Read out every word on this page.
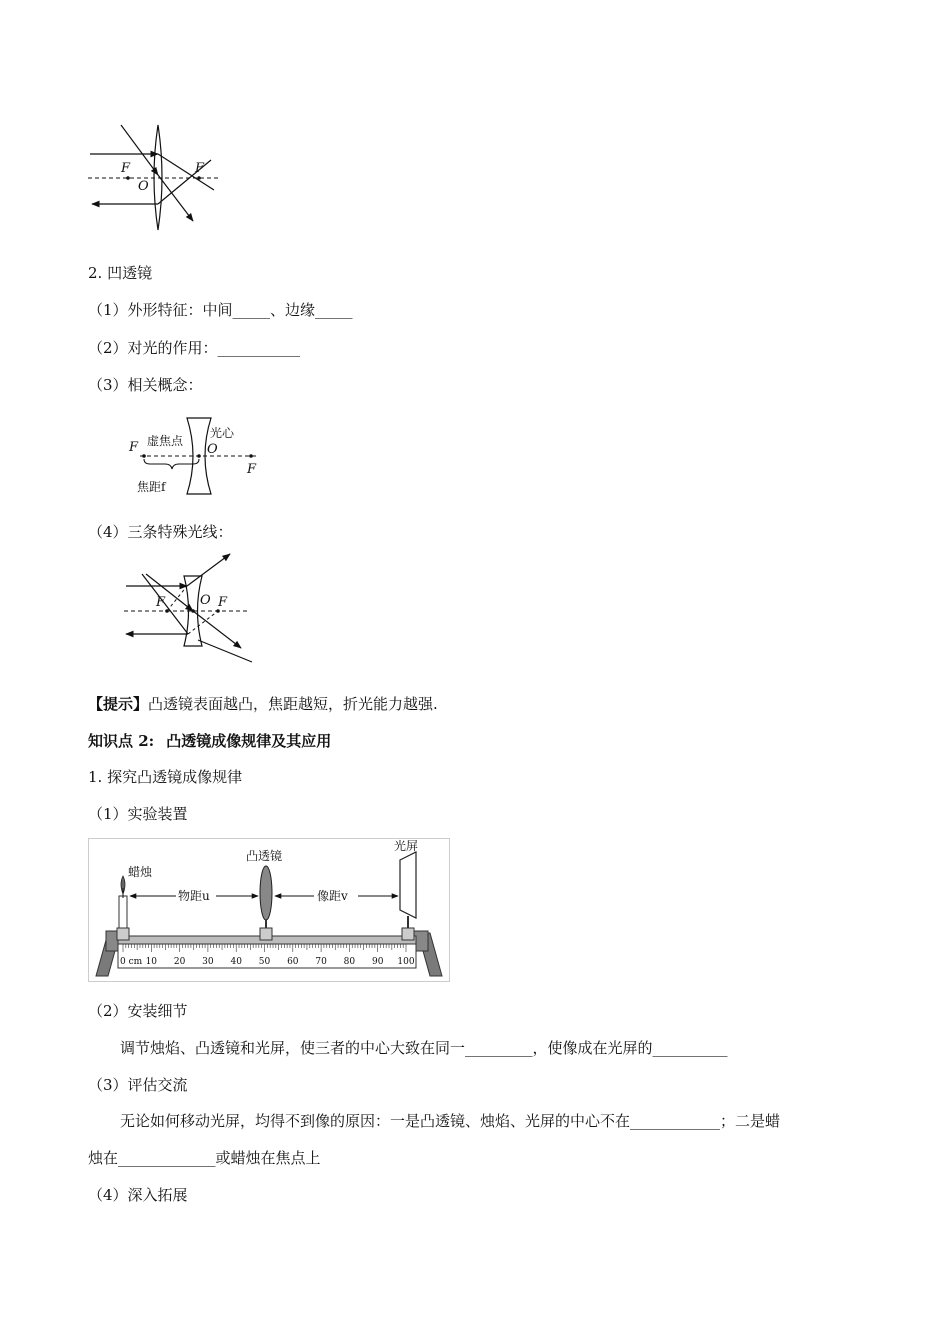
F	F
O
2. 凹透镜
（1）外形特征：中间_____、边缘_____
（2）对光的作用：___________
（3）相关概念：
虚焦点
光心
O
F
F
焦距f
（4）三条特殊光线：
F	O F
【提示】凸透镜表面越凸，焦距越短，折光能力越强.
知识点 2: 凸透镜成像规律及其应用
1. 探究凸透镜成像规律
（1）实验装置
蜡烛
凸透镜
光屏
物距u	像距v
0 cm 10 20 30 40 50 60 70 80 90 100
（2）安装细节
调节烛焰、凸透镜和光屏，使三者的中心大致在同一_________，使像成在光屏的__________
（3）评估交流
无论如何移动光屏，均得不到像的原因：一是凸透镜、烛焰、光屏的中心不在____________；二是蜡
烛在_____________或蜡烛在焦点上
（4）深入拓展
